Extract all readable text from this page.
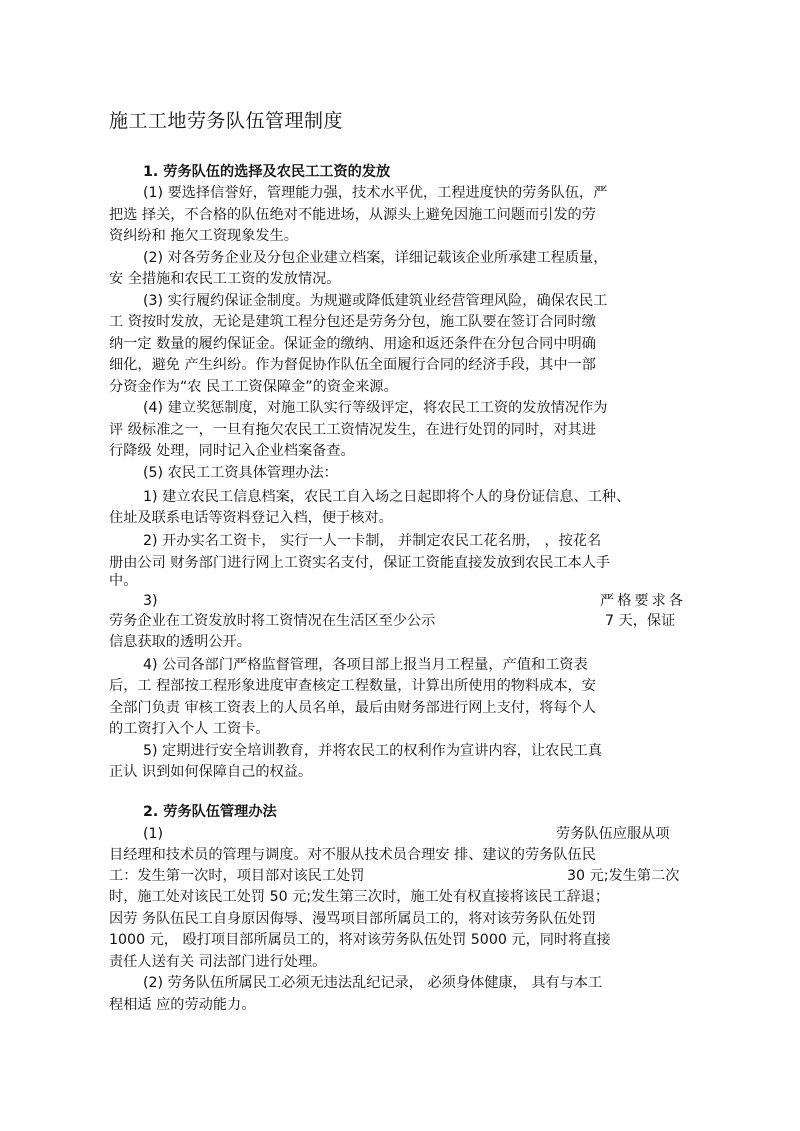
施工工地劳务队伍管理制度
1. 劳务队伍的选择及农民工工资的发放
(1) 要选择信誉好，管理能力强，技术水平优，工程进度快的劳务队伍，严
把选 择关，不合格的队伍绝对不能进场，从源头上避免因施工问题而引发的劳
资纠纷和 拖欠工资现象发生。
(2) 对各劳务企业及分包企业建立档案，详细记载该企业所承建工程质量，
安 全措施和农民工工资的发放情况。
(3) 实行履约保证金制度。为规避或降低建筑业经营管理风险，确保农民工
工 资按时发放，无论是建筑工程分包还是劳务分包，施工队要在签订合同时缴
纳一定 数量的履约保证金。保证金的缴纳、用途和返还条件在分包合同中明确
细化，避免 产生纠纷。作为督促协作队伍全面履行合同的经济手段，其中一部
分资金作为“农 民工工资保障金”的资金来源。
(4) 建立奖惩制度，对施工队实行等级评定，将农民工工资的发放情况作为
评 级标准之一，一旦有拖欠农民工工资情况发生，在进行处罚的同时，对其进
行降级 处理，同时记入企业档案备查。
(5) 农民工工资具体管理办法：
1) 建立农民工信息档案，农民工自入场之日起即将个人的身份证信息、工种、
住址及联系电话等资料登记入档，便于核对。
2) 开办实名工资卡， 实行一人一卡制， 并制定农民工花名册， ，按花名
册由公司 财务部门进行网上工资实名支付，保证工资能直接发放到农民工本人手
中。
3)	严格要求各
劳务企业在工资发放时将工资情况在生活区至少公示	7 天，保证
信息获取的透明公开。
4) 公司各部门严格监督管理，各项目部上报当月工程量，产值和工资表
后，工 程部按工程形象进度审查核定工程数量，计算出所使用的物料成本，安
全部门负责 审核工资表上的人员名单，最后由财务部进行网上支付，将每个人
的工资打入个人 工资卡。
5) 定期进行安全培训教育，并将农民工的权利作为宣讲内容，让农民工真
正认 识到如何保障自己的权益。
2. 劳务队伍管理办法
(1)	劳务队伍应服从项
目经理和技术员的管理与调度。对不服从技术员合理安 排、建议的劳务队伍民
工：发生第一次时，项目部对该民工处罚	30 元;发生第二次
时，施工处对该民工处罚 50 元;发生第三次时，施工处有权直接将该民工辞退；
因劳 务队伍民工自身原因侮辱、漫骂项目部所属员工的，将对该劳务队伍处罚
1000 元， 殴打项目部所属员工的，将对该劳务队伍处罚 5000 元，同时将直接
责任人送有关 司法部门进行处理。
(2) 劳务队伍所属民工必须无违法乱纪记录， 必须身体健康， 具有与本工
程相适 应的劳动能力。
